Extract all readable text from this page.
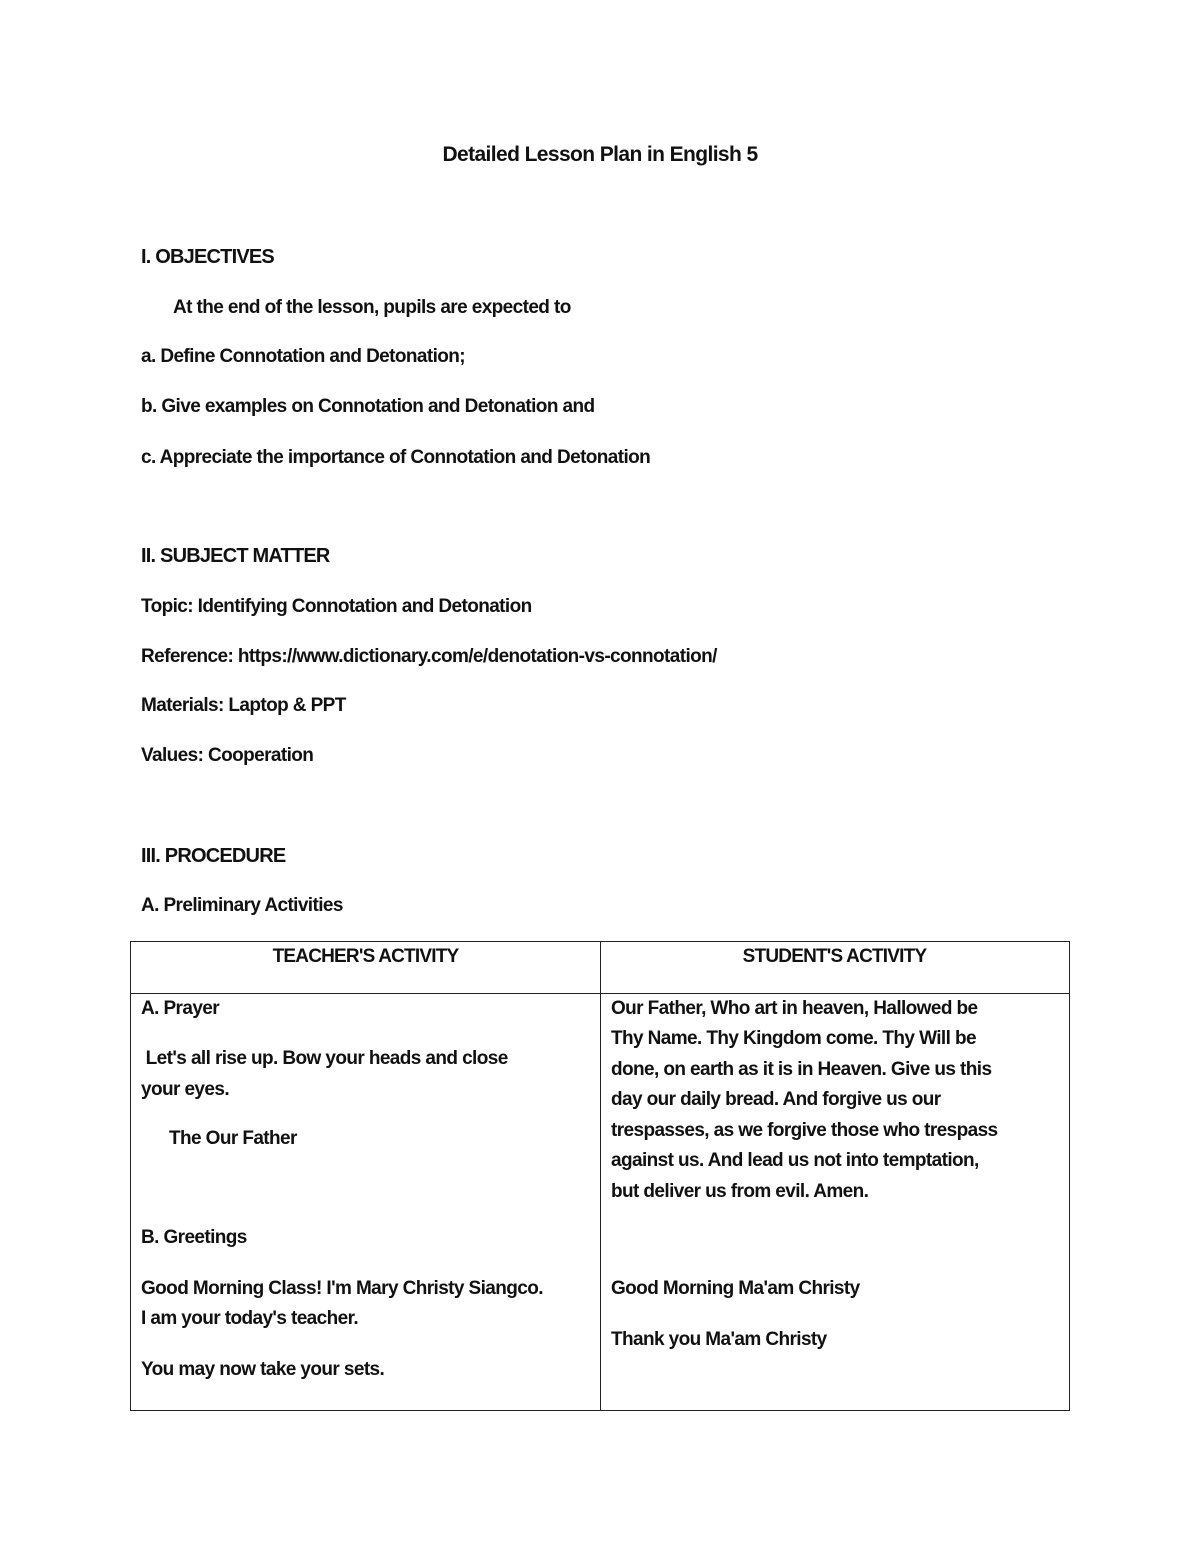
Detailed Lesson Plan in English 5
I. OBJECTIVES
At the end of the lesson, pupils are expected to
a. Define Connotation and Detonation;
b. Give examples on Connotation and Detonation and
c. Appreciate the importance of Connotation and Detonation
II. SUBJECT MATTER
Topic: Identifying Connotation and Detonation
Reference: https://www.dictionary.com/e/denotation-vs-connotation/
Materials: Laptop & PPT
Values: Cooperation
III. PROCEDURE
A. Preliminary Activities
TEACHER'S ACTIVITY	STUDENT'S ACTIVITY
A. Prayer
Let's all rise up. Bow your heads and close
your eyes.
The Our Father
B. Greetings
Good Morning Class! I'm Mary Christy Siangco.
I am your today's teacher.
You may now take your sets.
Our Father, Who art in heaven, Hallowed be
Thy Name. Thy Kingdom come. Thy Will be
done, on earth as it is in Heaven. Give us this
day our daily bread. And forgive us our
trespasses, as we forgive those who trespass
against us. And lead us not into temptation,
but deliver us from evil. Amen.
Good Morning Ma'am Christy
Thank you Ma'am Christy
